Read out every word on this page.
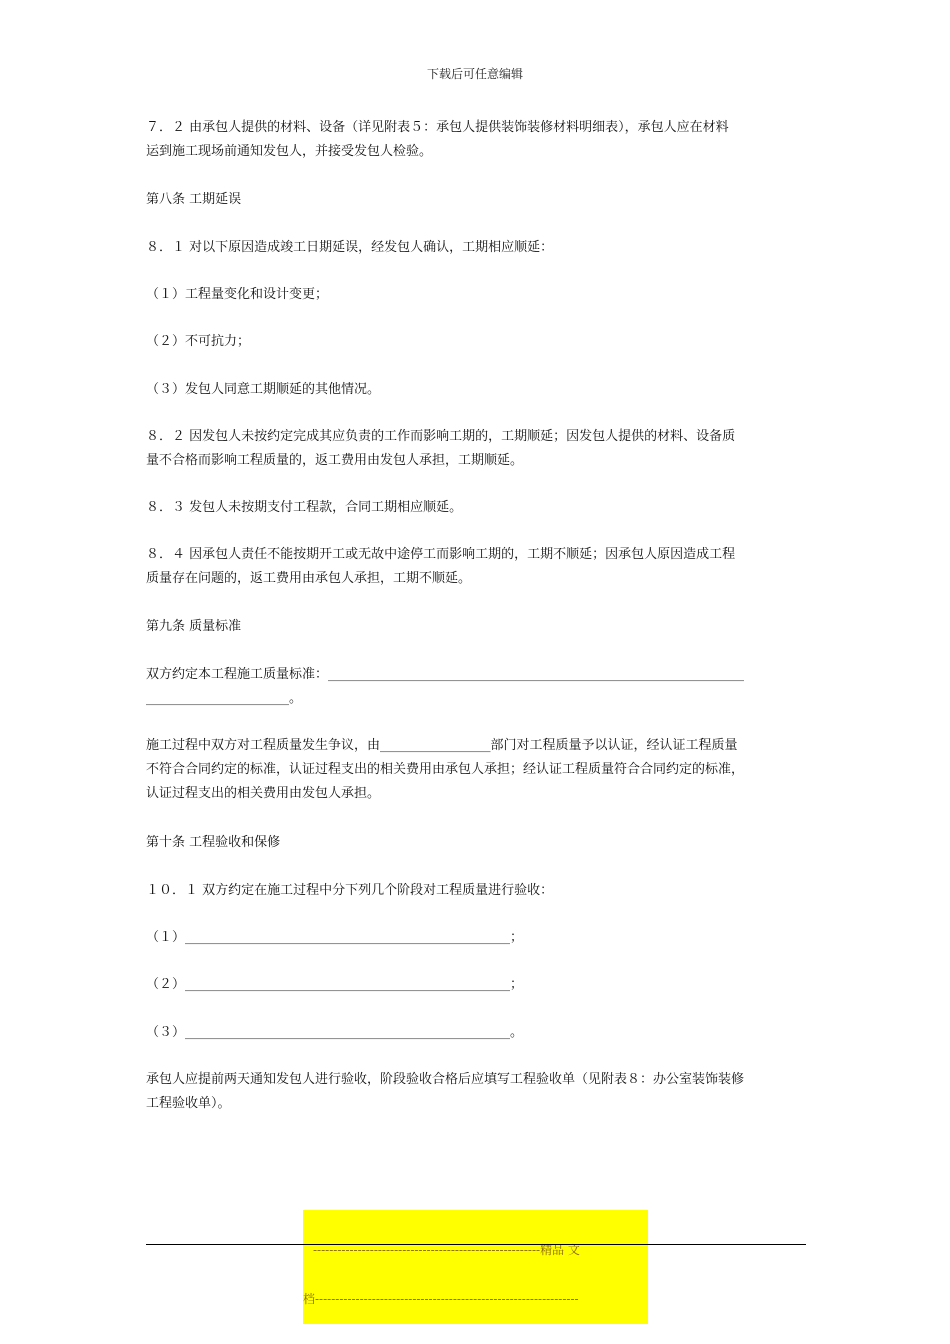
下载后可任意编辑
７．２ 由承包人提供的材料、设备（详见附表５：承包人提供装饰装修材料明细表），承包人应在材料
运到施工现场前通知发包人，并接受发包人检验。
第八条 工期延误
８．１ 对以下原因造成竣工日期延误，经发包人确认，工期相应顺延：
（１）工程量变化和设计变更；
（２）不可抗力；
（３）发包人同意工期顺延的其他情况。
８．２ 因发包人未按约定完成其应负责的工作而影响工期的，工期顺延；因发包人提供的材料、设备质
量不合格而影响工程质量的，返工费用由发包人承担，工期顺延。
８．３ 发包人未按期支付工程款，合同工期相应顺延。
８．４ 因承包人责任不能按期开工或无故中途停工而影响工期的，工期不顺延；因承包人原因造成工程
质量存在问题的，返工费用由承包人承担，工期不顺延。
第九条 质量标准
双方约定本工程施工质量标准：________________________________________________________________
______________________。
施工过程中双方对工程质量发生争议，由_________________部门对工程质量予以认证，经认证工程质量
不符合合同约定的标准，认证过程支出的相关费用由承包人承担；经认证工程质量符合合同约定的标准，
认证过程支出的相关费用由发包人承担。
第十条 工程验收和保修
１０．１ 双方约定在施工过程中分下列几个阶段对工程质量进行验收：
（１）__________________________________________________；
（２）__________________________________________________；
（３）__________________________________________________。
承包人应提前两天通知发包人进行验收，阶段验收合格后应填写工程验收单（见附表８：办公室装饰装修
工程验收单）。

--------------------------------------------------------精品 文

档-----------------------------------------------------------------
